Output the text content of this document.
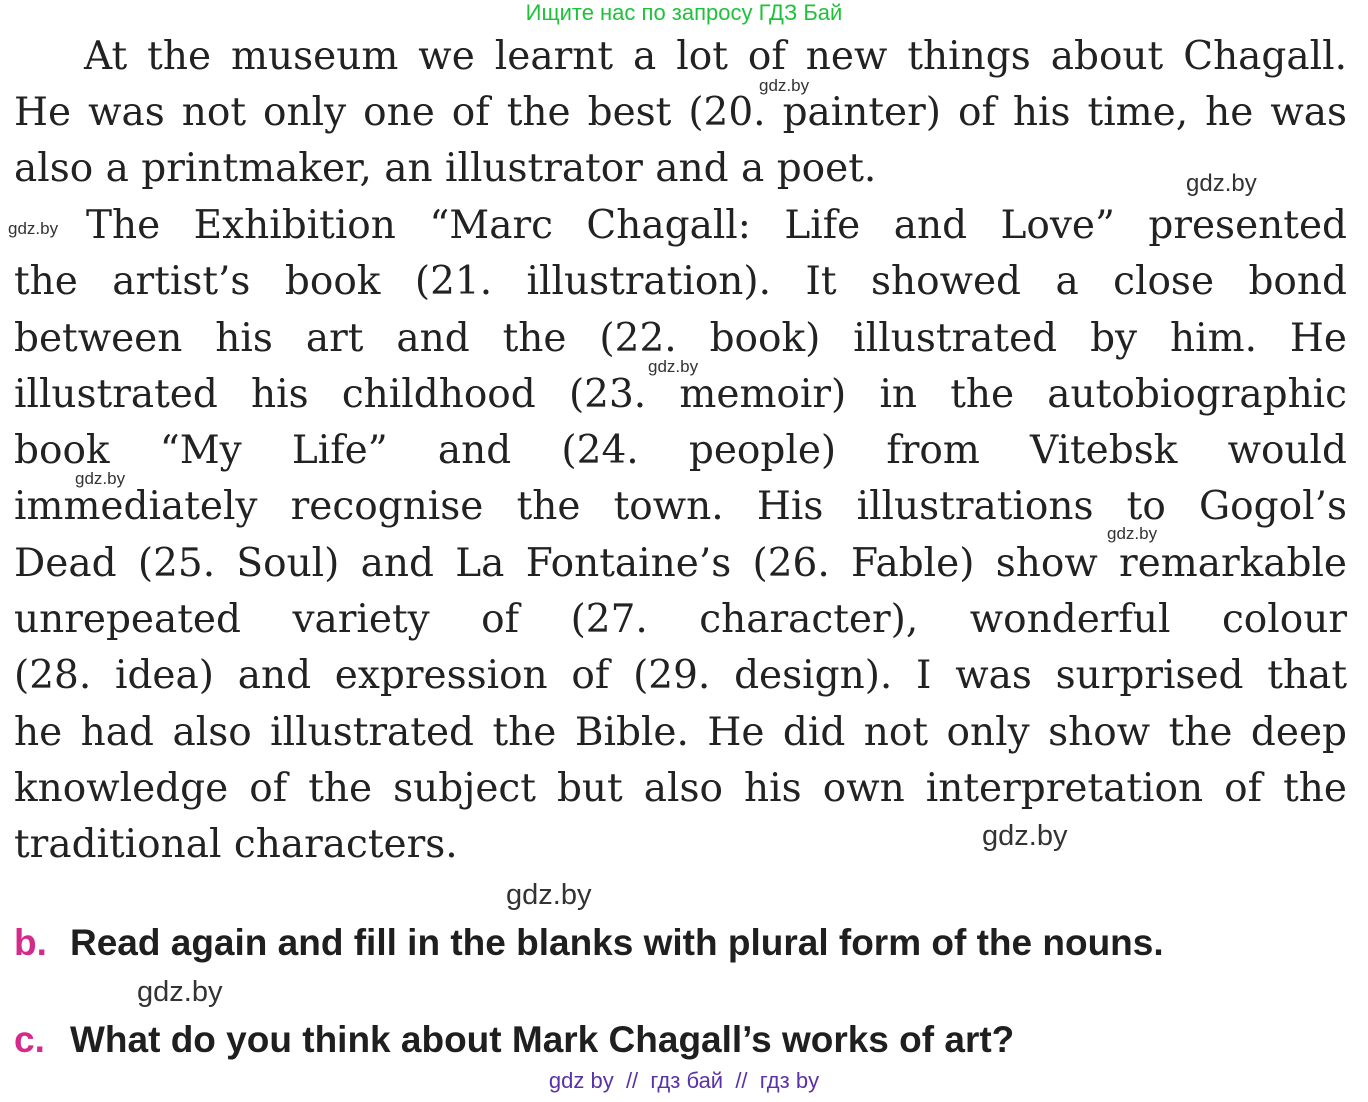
Ищите нас по запросу ГДЗ Бай
At the museum we learnt a lot of new things about Chagall.
He was not only one of the best (20. painter) of his time, he was
also a printmaker, an illustrator and a poet.
The Exhibition “Marc Chagall: Life and Love” presented
the artist’s book (21. illustration). It showed a close bond
between his art and the (22. book) illustrated by him. He
illustrated his childhood (23. memoir) in the autobiographic
book “My Life” and (24. people) from Vitebsk would
immediately recognise the town. His illustrations to Gogol’s
Dead (25. Soul) and La Fontaine’s (26. Fable) show remarkable
unrepeated variety of (27. character), wonderful colour
(28. idea) and expression of (29. design). I was surprised that
he had also illustrated the Bible. He did not only show the deep
knowledge of the subject but also his own interpretation of the
traditional characters.
gdz.by
gdz.by
gdz.by
gdz.by
gdz.by
gdz.by
gdz.by
gdz.by
gdz.by
b. Read again and fill in the blanks with plural form of the nouns.
c. What do you think about Mark Chagall’s works of art?
gdz by  //  гдз бай  //  гдз by
